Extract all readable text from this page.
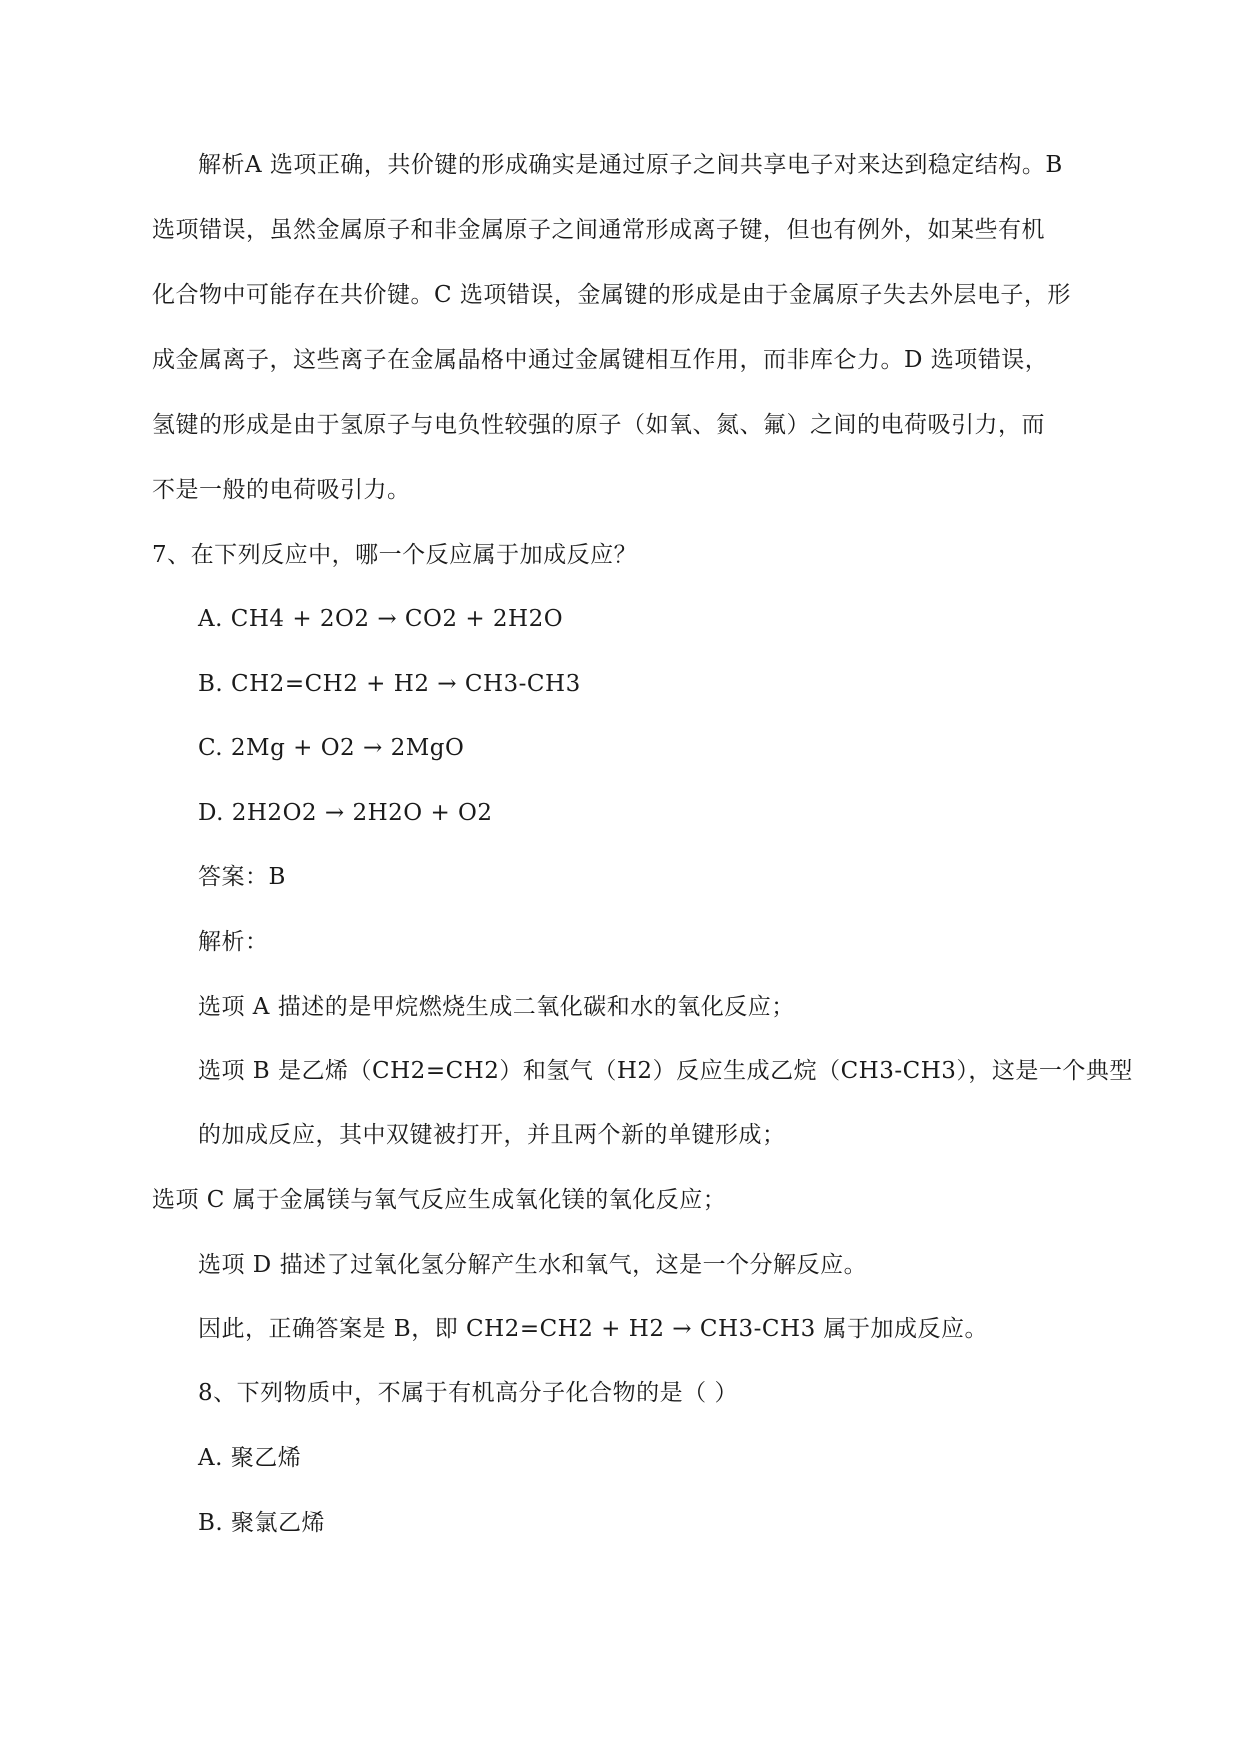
解析A 选项正确，共价键的形成确实是通过原子之间共享电子对来达到稳定结构。B
选项错误，虽然金属原子和非金属原子之间通常形成离子键，但也有例外，如某些有机
化合物中可能存在共价键。C 选项错误，金属键的形成是由于金属原子失去外层电子，形
成金属离子，这些离子在金属晶格中通过金属键相互作用，而非库仑力。D 选项错误，
氢键的形成是由于氢原子与电负性较强的原子（如氧、氮、氟）之间的电荷吸引力，而
不是一般的电荷吸引力。
7、在下列反应中，哪一个反应属于加成反应？
A. CH4 + 2O2 → CO2 + 2H2O
B. CH2=CH2 + H2 → CH3-CH3
C. 2Mg + O2 → 2MgO
D. 2H2O2 → 2H2O + O2
答案：B
解析：
选项 A 描述的是甲烷燃烧生成二氧化碳和水的氧化反应；
选项 B 是乙烯（CH2=CH2）和氢气（H2）反应生成乙烷（CH3-CH3），这是一个典型
的加成反应，其中双键被打开，并且两个新的单键形成；
选项 C 属于金属镁与氧气反应生成氧化镁的氧化反应；
选项 D 描述了过氧化氢分解产生水和氧气，这是一个分解反应。
因此，正确答案是 B，即 CH2=CH2 + H2 → CH3-CH3 属于加成反应。
8、下列物质中，不属于有机高分子化合物的是（ ）
A. 聚乙烯
B. 聚氯乙烯
